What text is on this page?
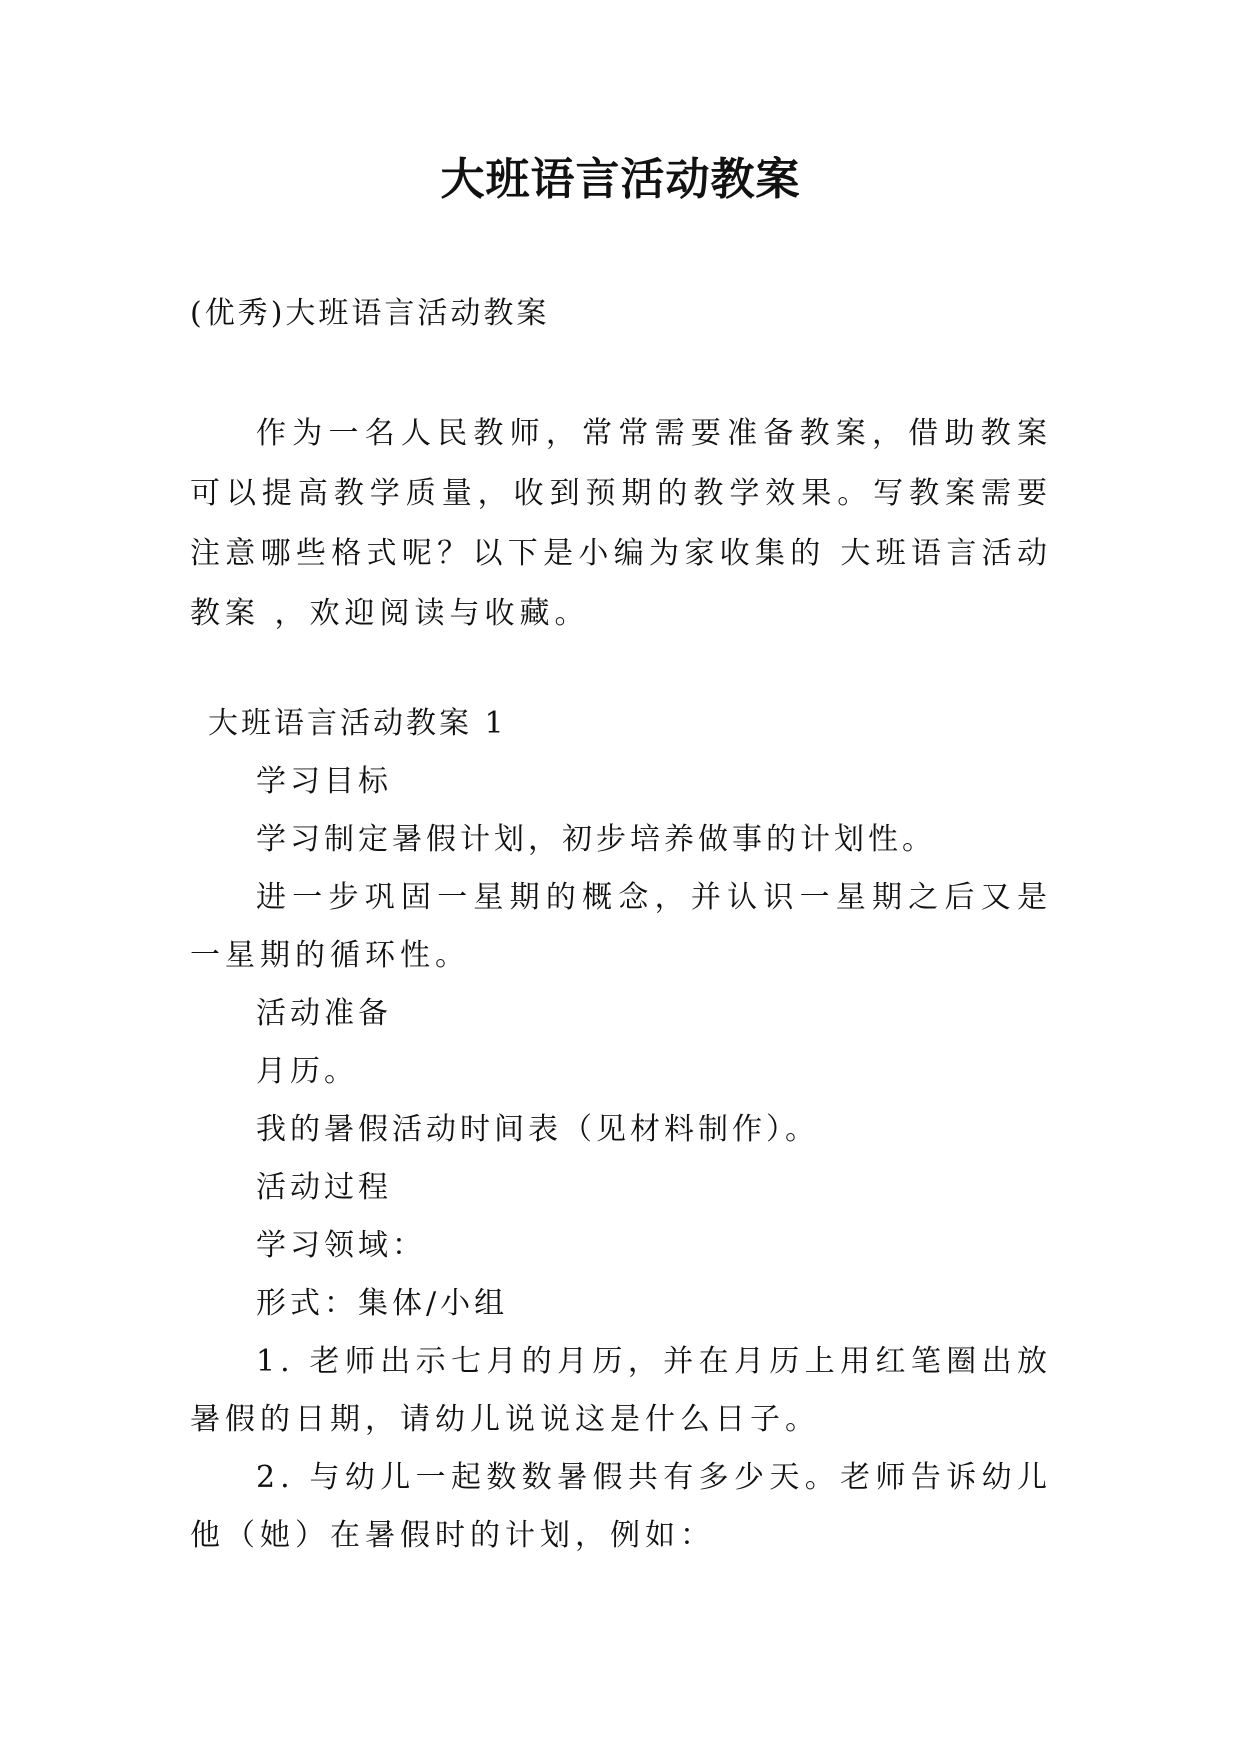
大班语言活动教案
(优秀)大班语言活动教案
作为一名人民教师，常常需要准备教案，借助教案可以提高教学质量，收到预期的教学效果。写教案需要注意哪些格式呢？以下是小编为家收集的 大班语言活动教案 ，欢迎阅读与收藏。
大班语言活动教案 1
学习目标
学习制定暑假计划，初步培养做事的计划性。
进一步巩固一星期的概念，并认识一星期之后又是一星期的循环性。
活动准备
月历。
我的暑假活动时间表（见材料制作）。
活动过程
学习领域：
形式：集体/小组
1. 老师出示七月的月历，并在月历上用红笔圈出放暑假的日期，请幼儿说说这是什么日子。
2. 与幼儿一起数数暑假共有多少天。老师告诉幼儿他（她）在暑假时的计划，例如：
